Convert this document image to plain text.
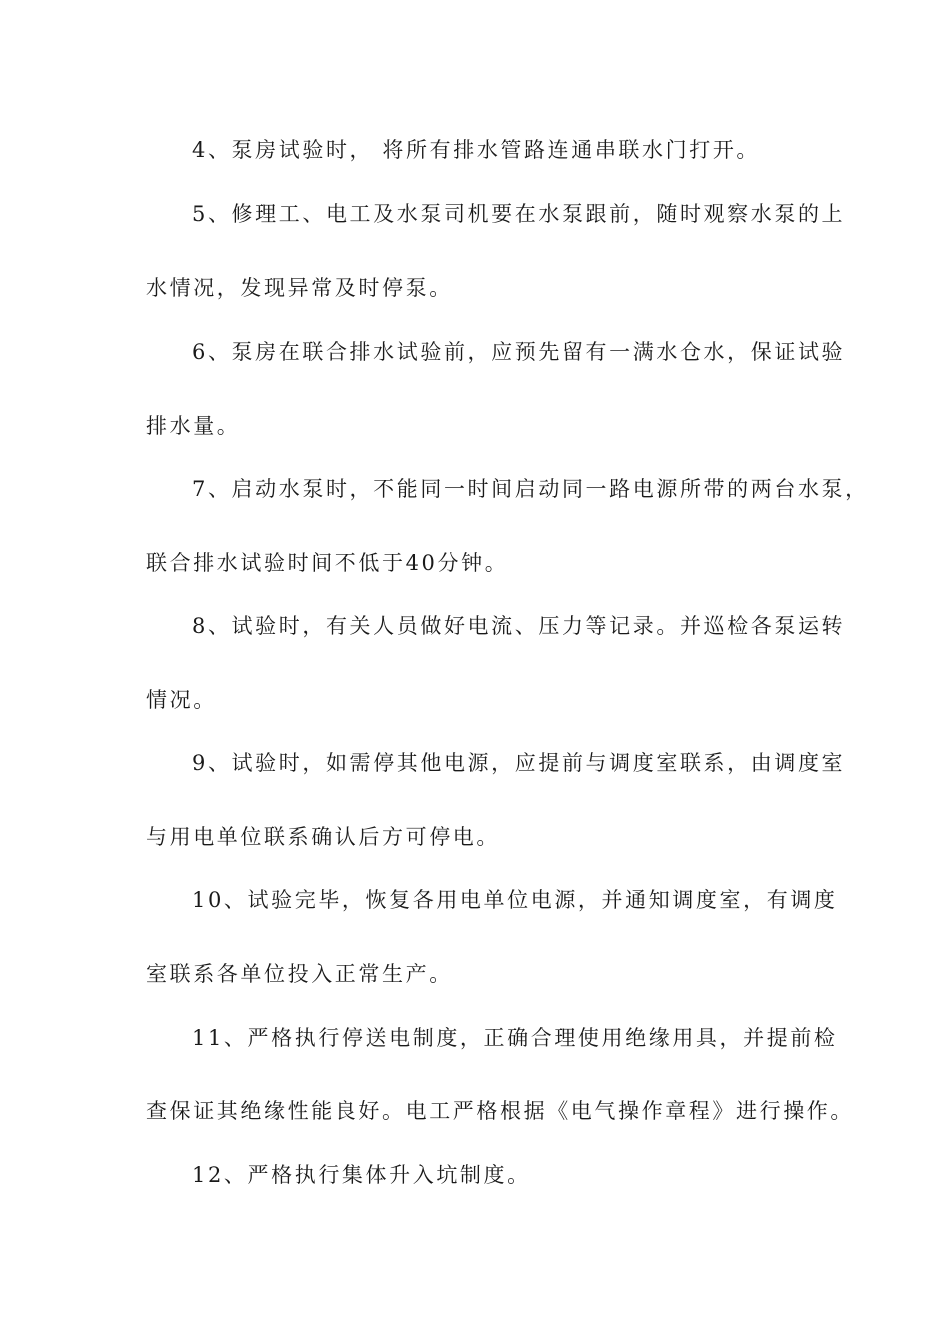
4、泵房试验时， 将所有排水管路连通串联水门打开。
5、修理工、电工及水泵司机要在水泵跟前，随时观察水泵的上
水情况，发现异常及时停泵。
6、泵房在联合排水试验前，应预先留有一满水仓水，保证试验
排水量。
7、启动水泵时，不能同一时间启动同一路电源所带的两台水泵，
联合排水试验时间不低于40分钟。
8、试验时，有关人员做好电流、压力等记录。并巡检各泵运转
情况。
9、试验时，如需停其他电源，应提前与调度室联系，由调度室
与用电单位联系确认后方可停电。
10、试验完毕，恢复各用电单位电源，并通知调度室，有调度
室联系各单位投入正常生产。
11、严格执行停送电制度，正确合理使用绝缘用具，并提前检
查保证其绝缘性能良好。电工严格根据《电气操作章程》进行操作。
12、严格执行集体升入坑制度。
